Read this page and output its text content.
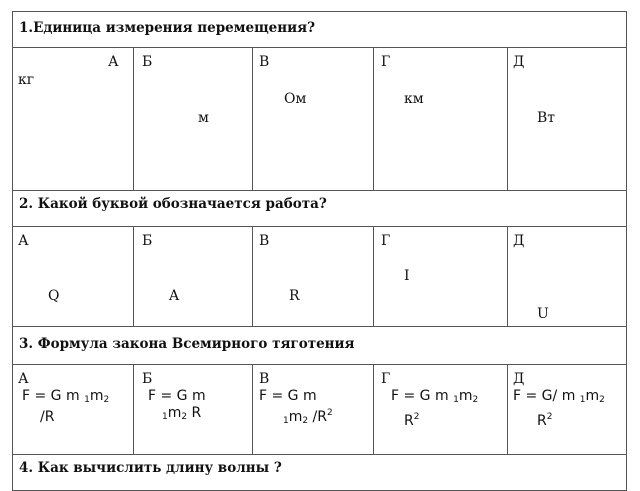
1.Единица измерения перемещения?
А
кг
Б
м
В
Ом
Г
км
Д
Вт
2. Какой буквой обозначается работа?
А
Q
Б
A
В
R
Г
I
Д
U
3. Формула закона Всемирного тяготения
А
F = G m $_1m_2$
/R
Б
F = G m
$_1m_2$ R
В
F = G m
$_1m_2$ $/R^2$
Г
F = G m $_1m_2$
$R^2$
Д
F = G/ m $_1m_2$
$R^2$
4. Как вычислить длину волны ?
